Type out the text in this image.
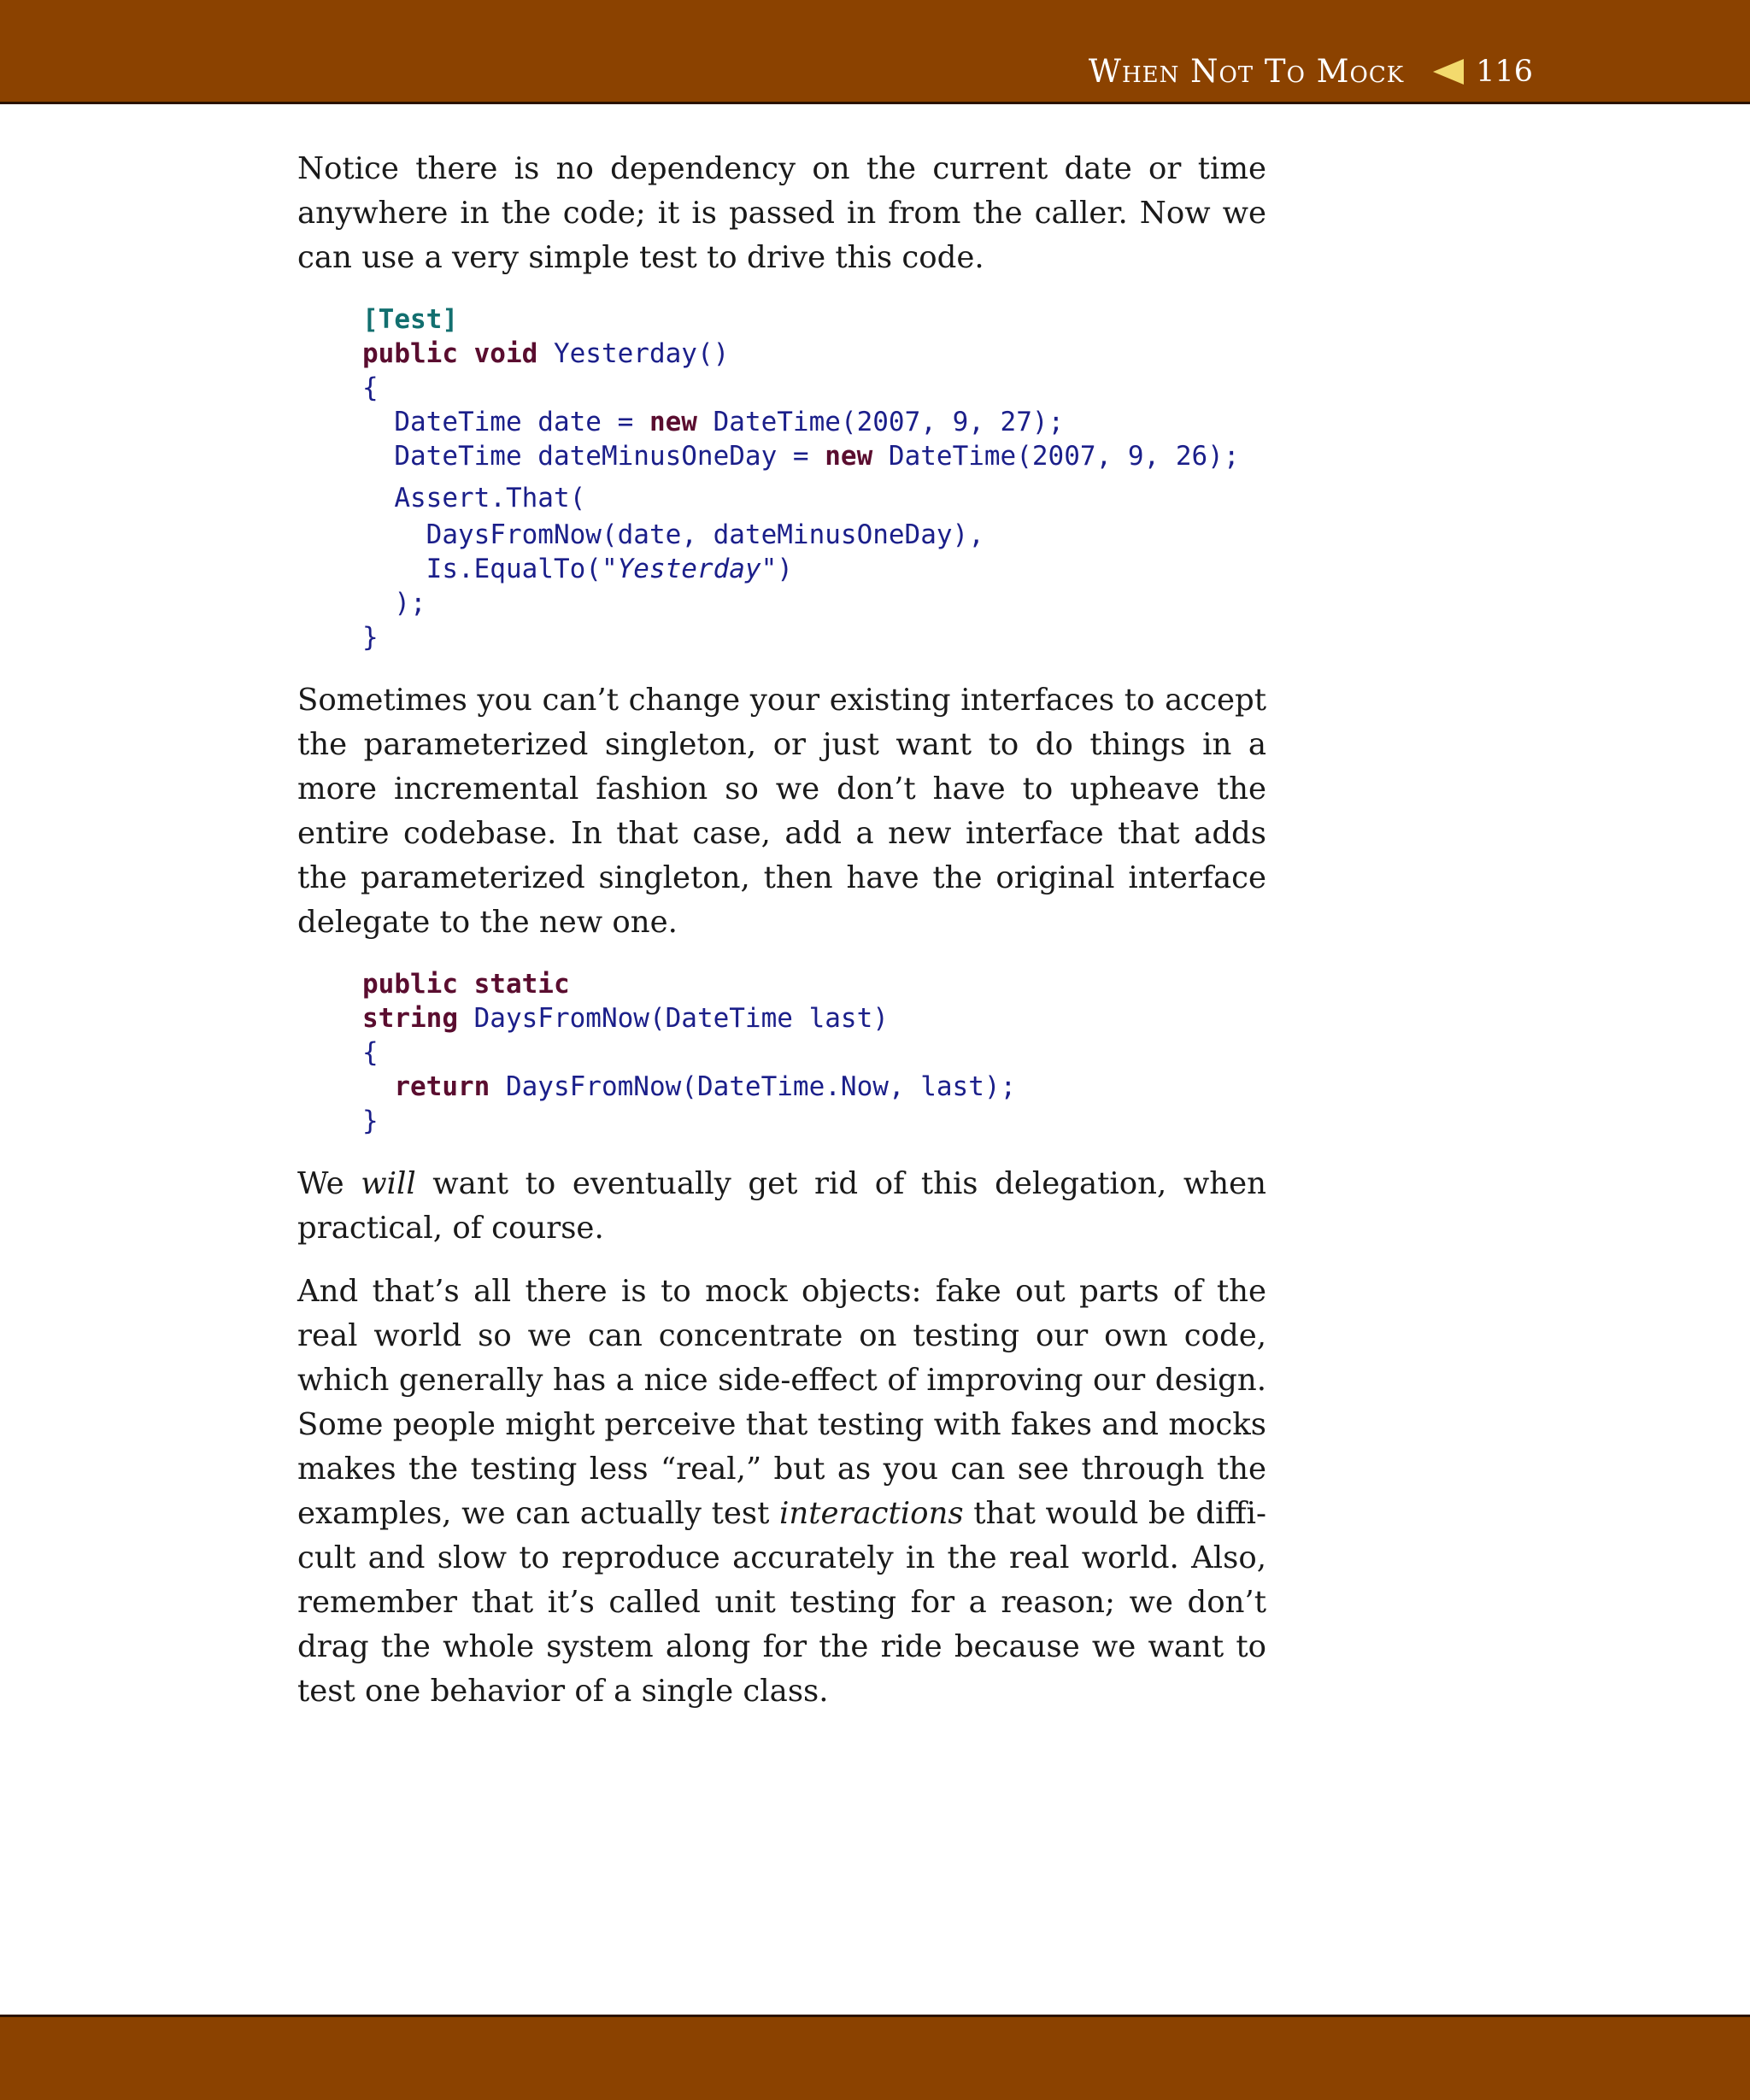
When Not To Mock 116

Notice there is no dependency on the current date or time anywhere in the code; it is passed in from the caller. Now we can use a very simple test to drive this code.

[Test]
public void Yesterday()
{
DateTime date = new DateTime(2007, 9, 27);
DateTime dateMinusOneDay = new DateTime(2007, 9, 26);
Assert.That(
DaysFromNow(date, dateMinusOneDay),
Is.EqualTo("Yesterday")
);
}

Sometimes you can’t change your existing interfaces to accept the parameterized singleton, or just want to do things in a more incremental fashion so we don’t have to upheave the entire codebase. In that case, add a new interface that adds the parameterized singleton, then have the original interface delegate to the new one.

public static
string DaysFromNow(DateTime last)
{
return DaysFromNow(DateTime.Now, last);
}

We will want to eventually get rid of this delegation, when practical, of course.

And that’s all there is to mock objects: fake out parts of the real world so we can concentrate on testing our own code, which generally has a nice side-effect of improving our design. Some people might perceive that testing with fakes and mocks makes the testing less “real,” but as you can see through the examples, we can actually test interactions that would be difficult and slow to reproduce accurately in the real world. Also, remember that it’s called unit testing for a reason; we don’t drag the whole system along for the ride because we want to test one behavior of a single class.
